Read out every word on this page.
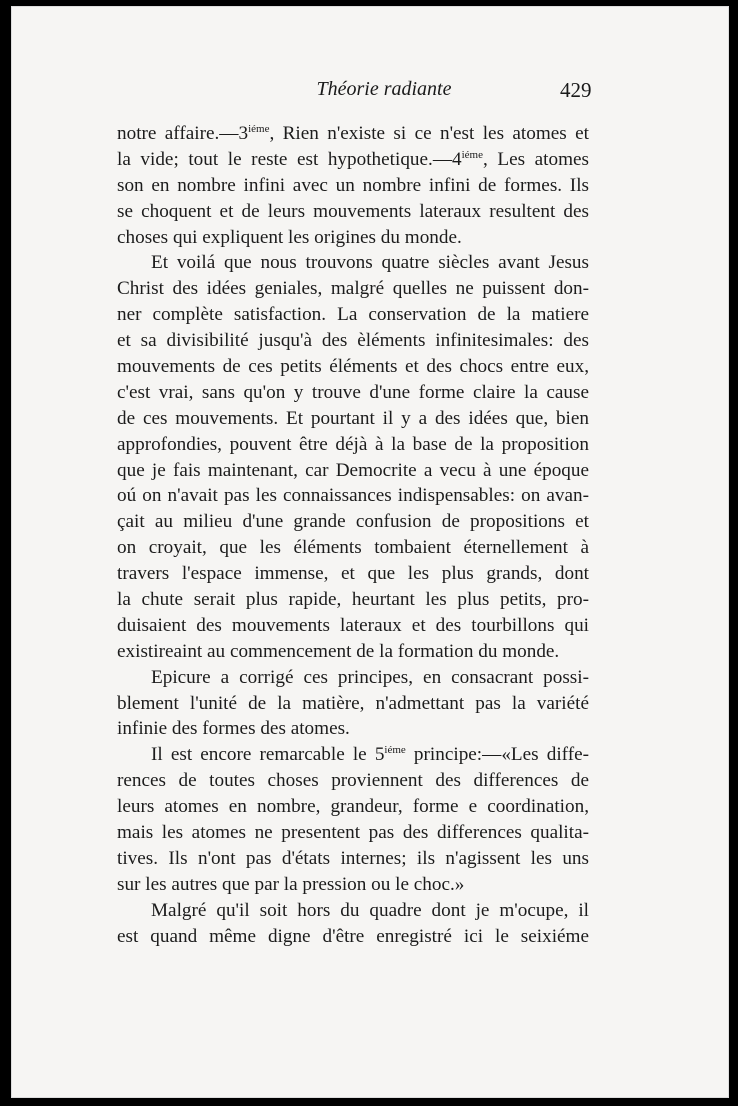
Théorie radiante	429
notre $affaire.—3^{iéme}$, Rien n'existe si ce n'est les atomes et
la vide; tout le reste est $hypothetique.—4^{iéme}$, Les atomes
son en nombre infini avec un nombre infini de formes. Ils
se choquent et de leurs mouvements lateraux resultent des
choses qui expliquent les origines du monde.
Et voilá que nous trouvons quatre siècles avant Jesus
Christ des idées geniales, malgré quelles ne puissent don-
ner complète satisfaction. La conservation de la matiere
et sa divisibilité jusqu'à des èléments infinitesimales: des
mouvements de ces petits éléments et des chocs entre eux,
c'est vrai, sans qu'on y trouve d'une forme claire la cause
de ces mouvements. Et pourtant il y a des idées que, bien
approfondies, pouvent être déjà à la base de la proposition
que je fais maintenant, car Democrite a vecu à une époque
oú on n'avait pas les connaissances indispensables: on avan-
çait au milieu d'une grande confusion de propositions et
on croyait, que les éléments tombaient éternellement à
travers l'espace immense, et que les plus grands, dont
la chute serait plus rapide, heurtant les plus petits, pro-
duisaient des mouvements lateraux et des tourbillons qui
existireaint au commencement de la formation du monde.
Epicure a corrigé ces principes, en consacrant possi-
blement l'unité de la matière, n'admettant pas la variété
infinie des formes des atomes.
Il est encore remarcable le $5^{iéme}$ principe:—«Les diffe-
rences de toutes choses proviennent des differences de
leurs atomes en nombre, grandeur, forme e coordination,
mais les atomes ne presentent pas des differences qualita-
tives. Ils n'ont pas d'états internes; ils n'agissent les uns
sur les autres que par la pression ou le choc.»
Malgré qu'il soit hors du quadre dont je m'ocupe, il
est quand même digne d'être enregistré ici le seixiéme
